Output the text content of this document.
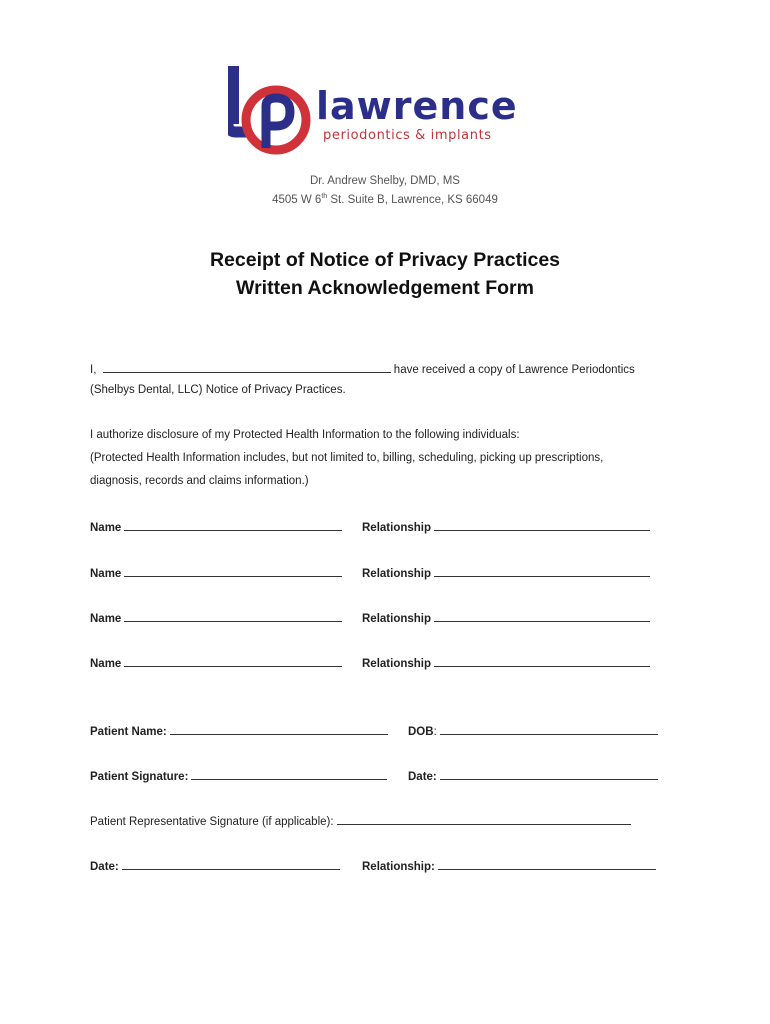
lawrence
periodontics & implants
Dr. Andrew Shelby, DMD, MS
4505 W 6th St. Suite B, Lawrence, KS 66049
Receipt of Notice of Privacy Practices
Written Acknowledgement Form
I,	have received a copy of Lawrence Periodontics
(Shelbys Dental, LLC) Notice of Privacy Practices.
I authorize disclosure of my Protected Health Information to the following individuals:
(Protected Health Information includes, but not limited to, billing, scheduling, picking up prescriptions,
diagnosis, records and claims information.)
Name	Relationship
Name	Relationship
Name	Relationship
Name	Relationship
Patient Name:	DOB:
Patient Signature:	Date:
Patient Representative Signature (if applicable):
Date:	Relationship:
